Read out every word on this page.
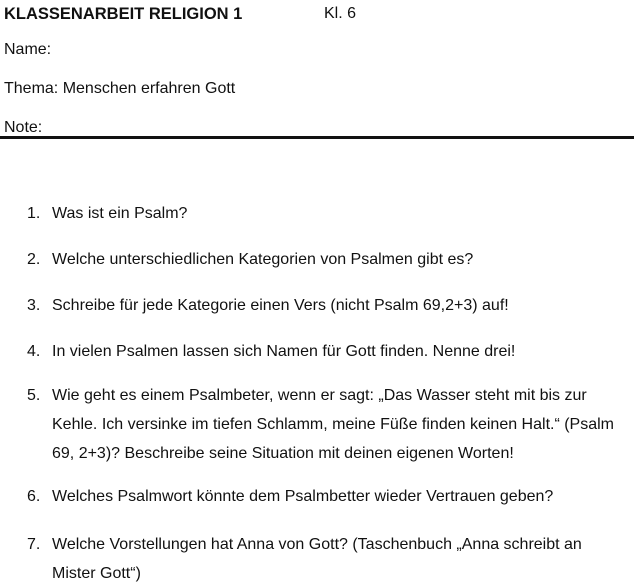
KLASSENARBEIT RELIGION 1	Kl. 6
Name:
Thema: Menschen erfahren Gott
Note:
1. Was ist ein Psalm?
2. Welche unterschiedlichen Kategorien von Psalmen gibt es?
3. Schreibe für jede Kategorie einen Vers (nicht Psalm 69,2+3) auf!
4. In vielen Psalmen lassen sich Namen für Gott finden. Nenne drei!
5. Wie geht es einem Psalmbeter, wenn er sagt: „Das Wasser steht mit bis zur Kehle. Ich versinke im tiefen Schlamm, meine Füße finden keinen Halt.“ (Psalm 69, 2+3)? Beschreibe seine Situation mit deinen eigenen Worten!
6. Welches Psalmwort könnte dem Psalmbetter wieder Vertrauen geben?
7. Welche Vorstellungen hat Anna von Gott? (Taschenbuch „Anna schreibt an Mister Gott“)
